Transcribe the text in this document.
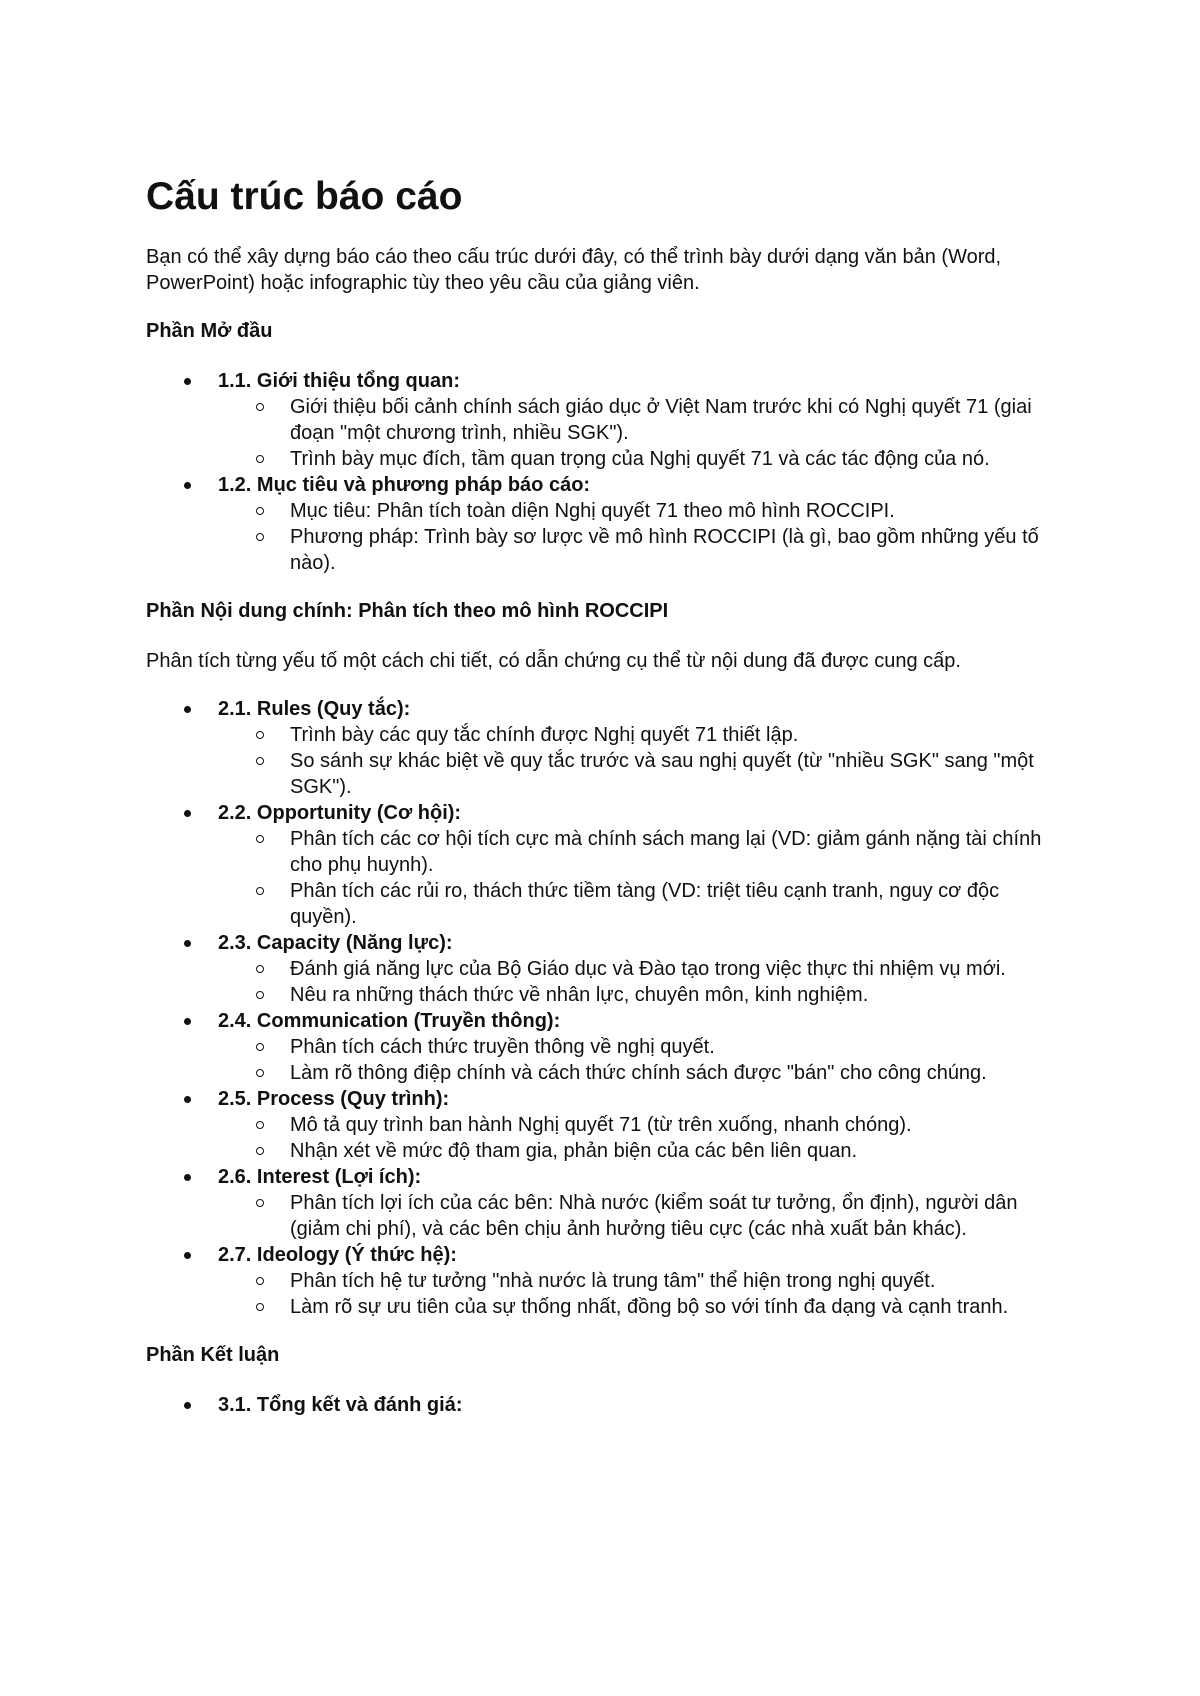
Cấu trúc báo cáo

Bạn có thể xây dựng báo cáo theo cấu trúc dưới đây, có thể trình bày dưới dạng văn bản (Word, PowerPoint) hoặc infographic tùy theo yêu cầu của giảng viên.

Phần Mở đầu

1.1. Giới thiệu tổng quan:
Giới thiệu bối cảnh chính sách giáo dục ở Việt Nam trước khi có Nghị quyết 71 (giai đoạn "một chương trình, nhiều SGK").
Trình bày mục đích, tầm quan trọng của Nghị quyết 71 và các tác động của nó.
1.2. Mục tiêu và phương pháp báo cáo:
Mục tiêu: Phân tích toàn diện Nghị quyết 71 theo mô hình ROCCIPI.
Phương pháp: Trình bày sơ lược về mô hình ROCCIPI (là gì, bao gồm những yếu tố nào).

Phần Nội dung chính: Phân tích theo mô hình ROCCIPI

Phân tích từng yếu tố một cách chi tiết, có dẫn chứng cụ thể từ nội dung đã được cung cấp.

2.1. Rules (Quy tắc):
Trình bày các quy tắc chính được Nghị quyết 71 thiết lập.
So sánh sự khác biệt về quy tắc trước và sau nghị quyết (từ "nhiều SGK" sang "một SGK").
2.2. Opportunity (Cơ hội):
Phân tích các cơ hội tích cực mà chính sách mang lại (VD: giảm gánh nặng tài chính cho phụ huynh).
Phân tích các rủi ro, thách thức tiềm tàng (VD: triệt tiêu cạnh tranh, nguy cơ độc quyền).
2.3. Capacity (Năng lực):
Đánh giá năng lực của Bộ Giáo dục và Đào tạo trong việc thực thi nhiệm vụ mới.
Nêu ra những thách thức về nhân lực, chuyên môn, kinh nghiệm.
2.4. Communication (Truyền thông):
Phân tích cách thức truyền thông về nghị quyết.
Làm rõ thông điệp chính và cách thức chính sách được "bán" cho công chúng.
2.5. Process (Quy trình):
Mô tả quy trình ban hành Nghị quyết 71 (từ trên xuống, nhanh chóng).
Nhận xét về mức độ tham gia, phản biện của các bên liên quan.
2.6. Interest (Lợi ích):
Phân tích lợi ích của các bên: Nhà nước (kiểm soát tư tưởng, ổn định), người dân (giảm chi phí), và các bên chịu ảnh hưởng tiêu cực (các nhà xuất bản khác).
2.7. Ideology (Ý thức hệ):
Phân tích hệ tư tưởng "nhà nước là trung tâm" thể hiện trong nghị quyết.
Làm rõ sự ưu tiên của sự thống nhất, đồng bộ so với tính đa dạng và cạnh tranh.

Phần Kết luận

3.1. Tổng kết và đánh giá:
